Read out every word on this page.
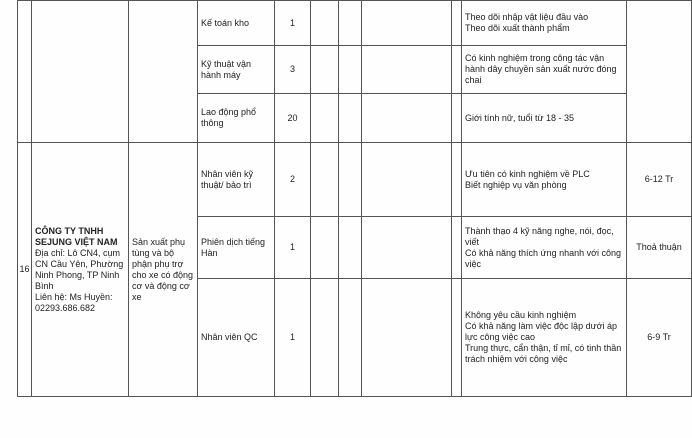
			Kế toán kho	1					Theo dõi nhập vật liệu đầu vào
Theo dõi xuất thành phẩm	

			Kỹ thuật vận hành máy	3					Có kinh nghiệm trong công tác vận hành dây chuyền sản xuất nước đóng chai	

			Lao động phổ thông	20					Giới tính nữ, tuổi từ 18 - 35	

16	CÔNG TY TNHH SEJUNG VIỆT NAM
Địa chỉ: Lô CN4, cụm CN Cầu Yên, Phường Ninh Phong, TP Ninh Bình
Liên hệ: Ms Huyền:
02293.686.682	Sản xuất phụ tùng và bộ phận phụ trợ cho xe có động cơ và động cơ xe	Nhân viên kỹ thuật/ bảo trì	2					Ưu tiên có kinh nghiệm về PLC
Biết nghiệp vụ văn phòng	6-12 Tr
			Phiên dịch tiếng Hàn	1					Thành thạo 4 kỹ năng nghe, nói, đọc, viết
Có khả năng thích ứng nhanh với công việc	Thoả thuận
			Nhân viên QC	1					Không yêu cầu kinh nghiệm
Có khả năng làm việc độc lập dưới áp lực công việc cao
Trung thực, cẩn thận, tỉ mỉ, có tinh thần trách nhiệm với công việc	6-9 Tr
